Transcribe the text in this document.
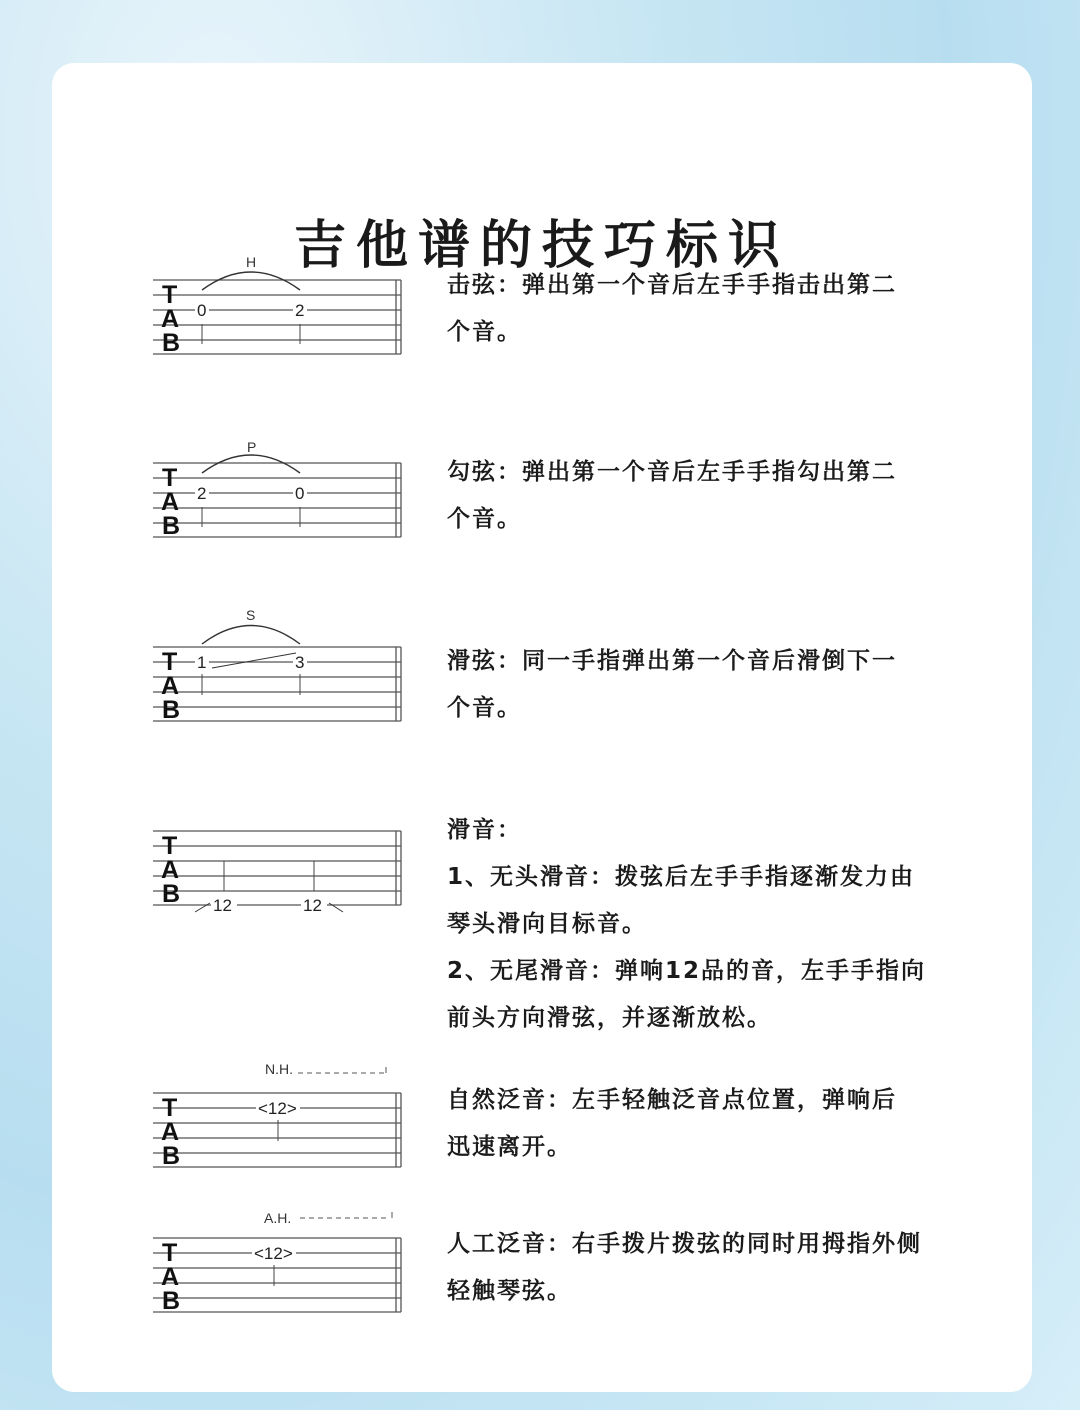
吉他谱的技巧标识
T
A
B
H
0	2
击弦：弹出第一个音后左手手指击出第二
个音。
T
A
B
P
2	0
勾弦：弹出第一个音后左手手指勾出第二
个音。
T
A
B
S
1	3	滑弦：同一手指弹出第一个音后滑倒下一
个音。
T
A
B 12	12
滑音：
1、无头滑音：拨弦后左手手指逐渐发力由
琴头滑向目标音。
2、无尾滑音：弹响12品的音，左手手指向
前头方向滑弦，并逐渐放松。
T
A
B
N.H.
<12>	自然泛音：左手轻触泛音点位置，弹响后
迅速离开。
T
A
B
A.H.
<12>	人工泛音：右手拨片拨弦的同时用拇指外侧
轻触琴弦。
